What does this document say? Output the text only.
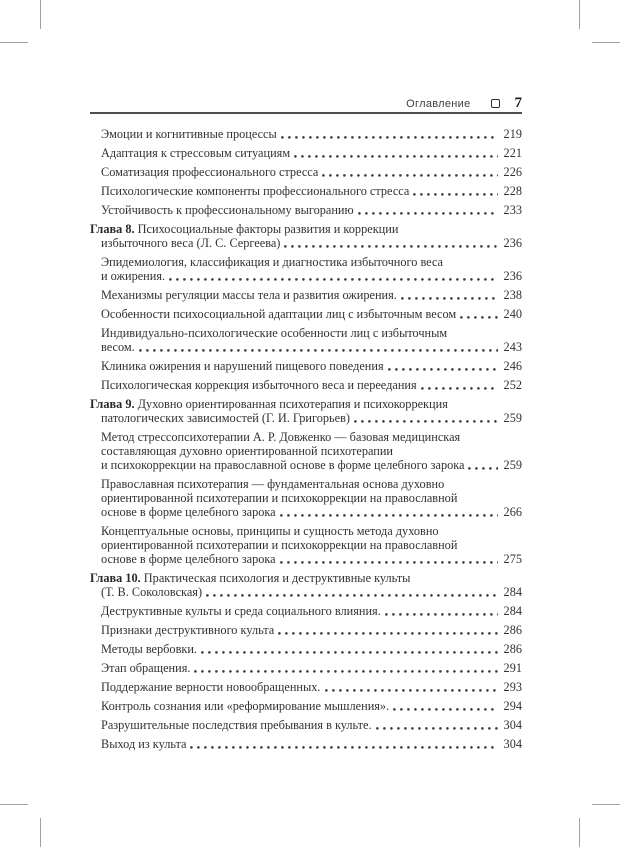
Оглавление	7
Эмоции и когнитивные процессы	219
Адаптация к стрессовым ситуациям	221
Соматизация профессионального стресса	226
Психологические компоненты профессионального стресса	228
Устойчивость к профессиональному выгоранию	233
Глава 8. Психосоциальные факторы развития и коррекции
избыточного веса (Л. С. Сергеева)	236
Эпидемиология, классификация и диагностика избыточного веса
и ожирения.	236
Механизмы регуляции массы тела и развития ожирения.	238
Особенности психосоциальной адаптации лиц с избыточным весом	240
Индивидуально-психологические особенности лиц с избыточным
весом.	243
Клиника ожирения и нарушений пищевого поведения	246
Психологическая коррекция избыточного веса и переедания	252
Глава 9. Духовно ориентированная психотерапия и психокоррекция
патологических зависимостей (Г. И. Григорьев)	259
Метод стрессопсихотерапии А. Р. Довженко — базовая медицинская
составляющая духовно ориентированной психотерапии
и психокоррекции на православной основе в форме целебного зарока	259
Православная психотерапия — фундаментальная основа духовно
ориентированной психотерапии и психокоррекции на православной
основе в форме целебного зарока	266
Концептуальные основы, принципы и сущность метода духовно
ориентированной психотерапии и психокоррекции на православной
основе в форме целебного зарока	275
Глава 10. Практическая психология и деструктивные культы
(Т. В. Соколовская)	284
Деструктивные культы и среда социального влияния.	284
Признаки деструктивного культа	286
Методы вербовки.	286
Этап обращения.	291
Поддержание верности новообращенных.	293
Контроль сознания или «реформирование мышления».	294
Разрушительные последствия пребывания в культе.	304
Выход из культа	304
